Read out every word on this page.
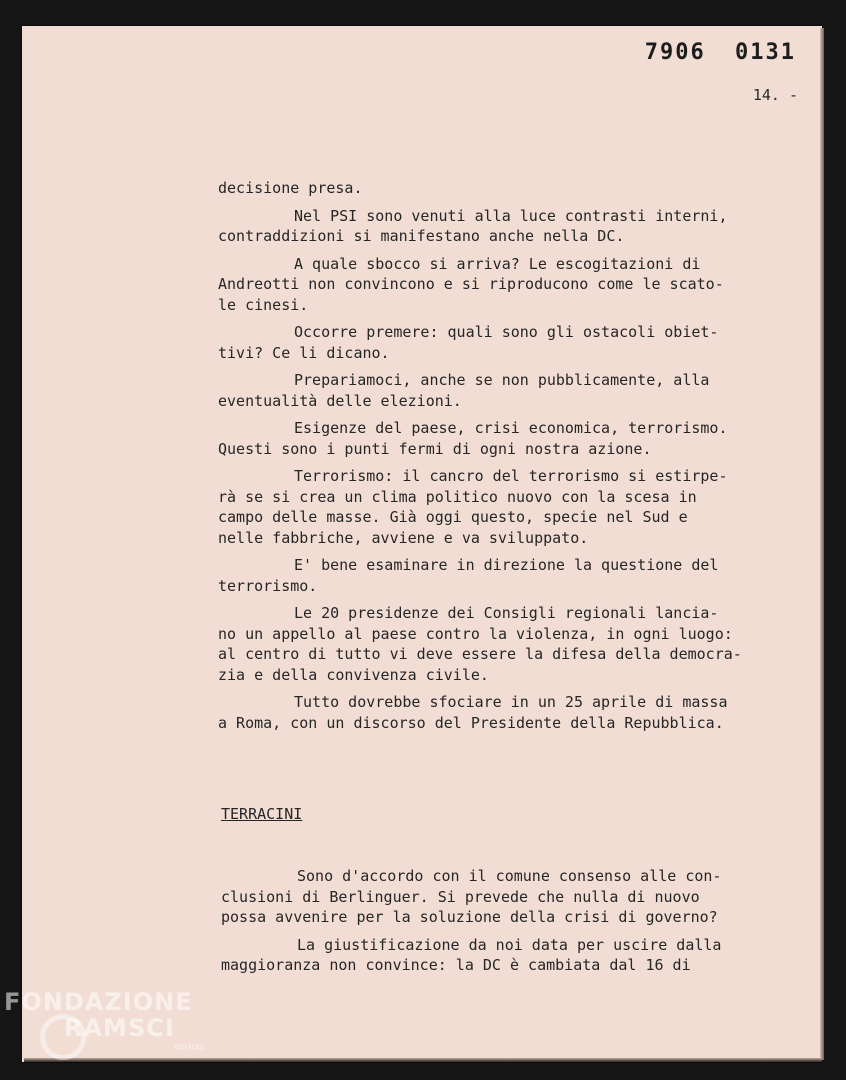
7906 0131
14. -

decisione presa.

Nel PSI sono venuti alla luce contrasti interni,

contraddizioni si manifestano anche nella DC.

A quale sbocco si arriva? Le escogitazioni di

Andreotti non convincono e si riproducono come le scato-

le cinesi.

Occorre premere: quali sono gli ostacoli obiet-

tivi? Ce li dicano.

Prepariamoci, anche se non pubblicamente, alla

eventualità delle elezioni.

Esigenze del paese, crisi economica, terrorismo.

Questi sono i punti fermi di ogni nostra azione.

Terrorismo: il cancro del terrorismo si estirpe-

rà se si crea un clima politico nuovo con la scesa in

campo delle masse. Già oggi questo, specie nel Sud e

nelle fabbriche, avviene e va sviluppato.

E' bene esaminare in direzione la questione del

terrorismo.

Le 20 presidenze dei Consigli regionali lancia-

no un appello al paese contro la violenza, in ogni luogo:

al centro di tutto vi deve essere la difesa della democra-

zia e della convivenza civile.

Tutto dovrebbe sfociare in un 25 aprile di massa

a Roma, con un discorso del Presidente della Repubblica.

TERRACINI

Sono d'accordo con il comune consenso alle con-

clusioni di Berlinguer. Si prevede che nulla di nuovo

possa avvenire per la soluzione della crisi di governo?

La giustificazione da noi data per uscire dalla

maggioranza non convince: la DC è cambiata dal 16 di

FONDAZIONE
RAMSCI
onlus
